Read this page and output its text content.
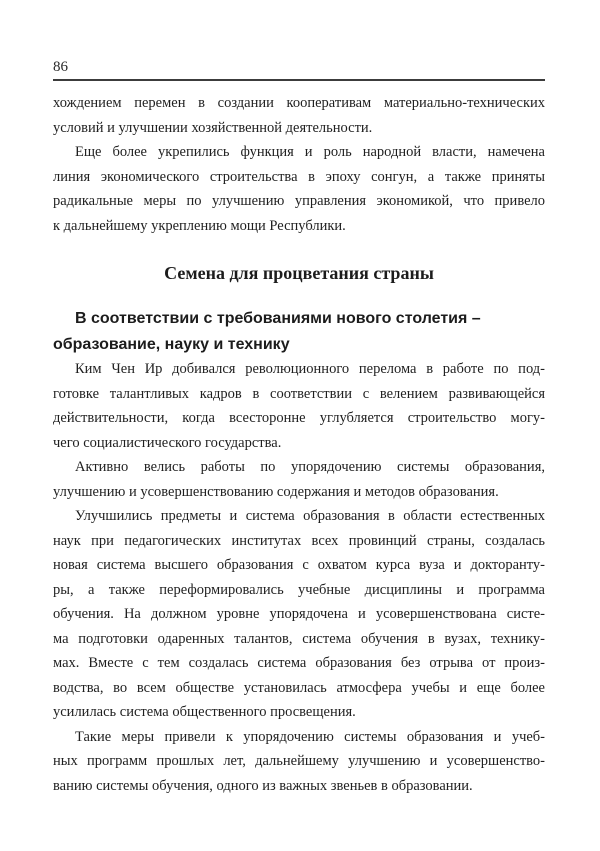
86
хождением перемен в создании кооперативам материально-технических
условий и улучшении хозяйственной деятельности.
Еще более укрепились функция и роль народной власти, намечена
линия экономического строительства в эпоху сонгун, а также приняты
радикальные меры по улучшению управления экономикой, что привело
к дальнейшему укреплению мощи Республики.
Семена для процветания страны
В соответствии с требованиями нового столетия –
образование, науку и технику
Ким Чен Ир добивался революционного перелома в работе по под-
готовке талантливых кадров в соответствии с велением развивающейся
действительности, когда всесторонне углубляется строительство могу-
чего социалистического государства.
Активно велись работы по упорядочению системы образования,
улучшению и усовершенствованию содержания и методов образования.
Улучшились предметы и система образования в области естественных
наук при педагогических институтах всех провинций страны, создалась
новая система высшего образования с охватом курса вуза и докторанту-
ры, а также переформировались учебные дисциплины и программа
обучения. На должном уровне упорядочена и усовершенствована систе-
ма подготовки одаренных талантов, система обучения в вузах, технику-
мах. Вместе с тем создалась система образования без отрыва от произ-
водства, во всем обществе установилась атмосфера учебы и еще более
усилилась система общественного просвещения.
Такие меры привели к упорядочению системы образования и учеб-
ных программ прошлых лет, дальнейшему улучшению и усовершенство-
ванию системы обучения, одного из важных звеньев в образовании.
